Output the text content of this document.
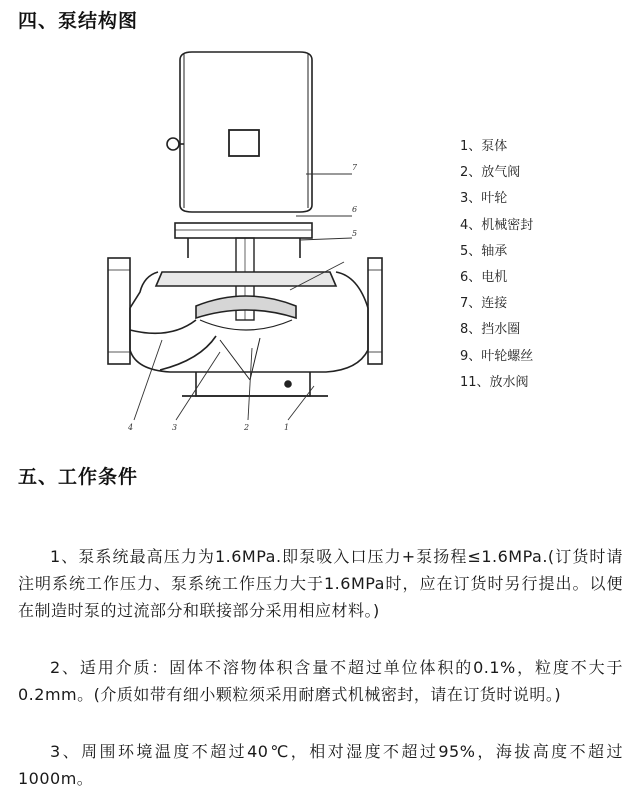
四、泵结构图
7
6
5
4	3	2	1
1、泵体
2、放气阀
3、叶轮
4、机械密封
5、轴承
6、电机
7、连接
8、挡水圈
9、叶轮螺丝
11、放水阀
五、工作条件

1、泵系统最高压力为1.6MPa.即泵吸入口压力+泵扬程≤1.6MPa.(订货时请注明系统工作压力、泵系统工作压力大于1.6MPa时，应在订货时另行提出。以便在制造时泵的过流部分和联接部分采用相应材料。)

2、适用介质：固体不溶物体积含量不超过单位体积的0.1%，粒度不大于0.2mm。(介质如带有细小颗粒须采用耐磨式机械密封，请在订货时说明。)

3、周围环境温度不超过40℃，相对湿度不超过95%，海拔高度不超过1000m。
